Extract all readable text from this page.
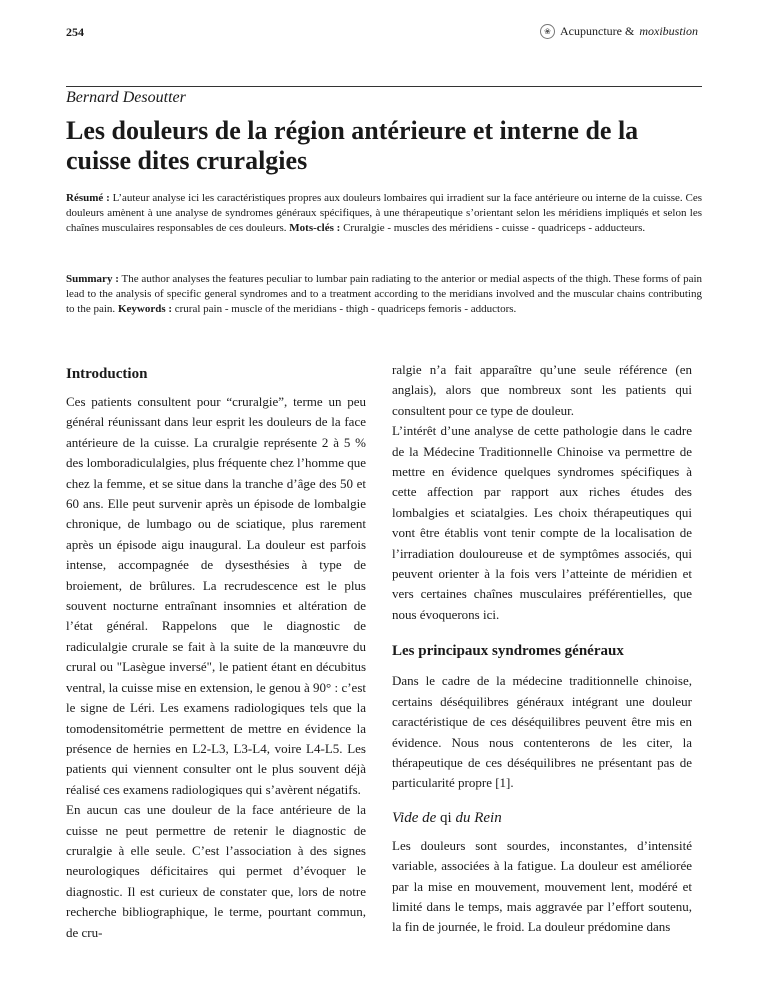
254	❀ Acupuncture & moxibustion
Bernard Desoutter
Les douleurs de la région antérieure et interne de la cuisse dites cruralgies

Résumé : L’auteur analyse ici les caractéristiques propres aux douleurs lombaires qui irradient sur la face antérieure ou interne de la cuisse. Ces douleurs amènent à une analyse de syndromes généraux spécifiques, à une thérapeutique s’orientant selon les méridiens impliqués et selon les chaînes musculaires responsables de ces douleurs. Mots-clés : Cruralgie - muscles des méridiens - cuisse - quadriceps - adducteurs.

Summary : The author analyses the features peculiar to lumbar pain radiating to the anterior or medial aspects of the thigh. These forms of pain lead to the analysis of specific general syndromes and to a treatment according to the meridians involved and the muscular chains contributing to the pain. Keywords : crural pain - muscle of the meridians - thigh - quadriceps femoris - adductors.

Introduction

Ces patients consultent pour “cruralgie”, terme un peu général réunissant dans leur esprit les douleurs de la face antérieure de la cuisse. La cruralgie représente 2 à 5 % des lomboradiculalgies, plus fréquente chez l’homme que chez la femme, et se situe dans la tranche d’âge des 50 et 60 ans. Elle peut survenir après un épisode de lombalgie chronique, de lumbago ou de sciatique, plus rarement après un épisode aigu inaugural. La douleur est parfois intense, accompagnée de dysesthésies à type de broiement, de brûlures. La recrudescence est le plus souvent nocturne entraînant insomnies et altération de l’état général. Rappelons que le diagnostic de radiculalgie crurale se fait à la suite de la manœuvre du crural ou "Lasègue inversé", le patient étant en décubitus ventral, la cuisse mise en extension, le genou à 90° : c’est le signe de Léri. Les examens radiologiques tels que la tomodensitométrie permettent de mettre en évidence la présence de hernies en L2-L3, L3-L4, voire L4-L5. Les patients qui viennent consulter ont le plus souvent déjà réalisé ces examens radiologiques qui s’avèrent négatifs.

En aucun cas une douleur de la face antérieure de la cuisse ne peut permettre de retenir le diagnostic de cruralgie à elle seule. C’est l’association à des signes neurologiques déficitaires qui permet d’évoquer le diagnostic. Il est curieux de constater que, lors de notre recherche bibliographique, le terme, pourtant commun, de cru-

ralgie n’a fait apparaître qu’une seule référence (en anglais), alors que nombreux sont les patients qui consultent pour ce type de douleur.

L’intérêt d’une analyse de cette pathologie dans le cadre de la Médecine Traditionnelle Chinoise va permettre de mettre en évidence quelques syndromes spécifiques à cette affection par rapport aux riches études des lombalgies et sciatalgies. Les choix thérapeutiques qui vont être établis vont tenir compte de la localisation de l’irradiation douloureuse et de symptômes associés, qui peuvent orienter à la fois vers l’atteinte de méridien et vers certaines chaînes musculaires préférentielles, que nous évoquerons ici.

Les principaux syndromes généraux

Dans le cadre de la médecine traditionnelle chinoise, certains déséquilibres généraux intégrant une douleur caractéristique de ces déséquilibres peuvent être mis en évidence. Nous nous contenterons de les citer, la thérapeutique de ces déséquilibres ne présentant pas de particularité propre [1].

Vide de qi du Rein

Les douleurs sont sourdes, inconstantes, d’intensité variable, associées à la fatigue. La douleur est améliorée par la mise en mouvement, mouvement lent, modéré et limité dans le temps, mais aggravée par l’effort soutenu, la fin de journée, le froid. La douleur prédomine dans
